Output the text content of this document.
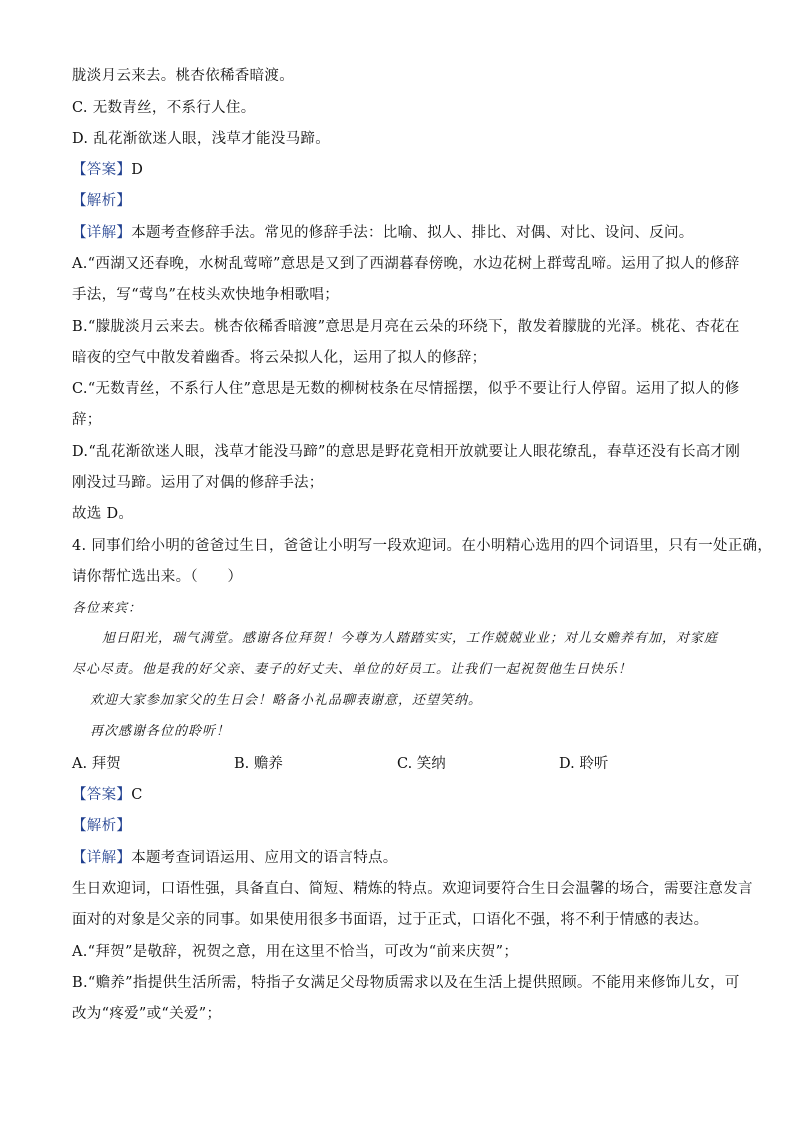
胧淡月云来去。桃杏依稀香暗渡。
C. 无数青丝，不系行人住。
D. 乱花渐欲迷人眼，浅草才能没马蹄。
【答案】D
【解析】
【详解】本题考查修辞手法。常见的修辞手法：比喻、拟人、排比、对偶、对比、设问、反问。
A.“西湖又还春晚，水树乱莺啼”意思是又到了西湖暮春傍晚，水边花树上群莺乱啼。运用了拟人的修辞
手法，写“莺鸟”在枝头欢快地争相歌唱；
B.“朦胧淡月云来去。桃杏依稀香暗渡”意思是月亮在云朵的环绕下，散发着朦胧的光泽。桃花、杏花在
暗夜的空气中散发着幽香。将云朵拟人化，运用了拟人的修辞；
C.“无数青丝，不系行人住”意思是无数的柳树枝条在尽情摇摆，似乎不要让行人停留。运用了拟人的修
辞；
D.“乱花渐欲迷人眼，浅草才能没马蹄”的意思是野花竟相开放就要让人眼花缭乱，春草还没有长高才刚
刚没过马蹄。运用了对偶的修辞手法；
故选 D。
4. 同事们给小明的爸爸过生日，爸爸让小明写一段欢迎词。在小明精心选用的四个词语里，只有一处正确，
请你帮忙选出来。（　　）
各位来宾：
旭日阳光，瑞气满堂。感谢各位拜贺！今尊为人踏踏实实，工作兢兢业业；对儿女赡养有加，对家庭
尽心尽责。他是我的好父亲、妻子的好丈夫、单位的好员工。让我们一起祝贺他生日快乐！
欢迎大家参加家父的生日会！略备小礼品聊表谢意，还望笑纳。
再次感谢各位的聆听！
A. 拜贺	B. 赡养	C. 笑纳	D. 聆听
【答案】C
【解析】
【详解】本题考查词语运用、应用文的语言特点。
生日欢迎词，口语性强，具备直白、简短、精炼的特点。欢迎词要符合生日会温馨的场合，需要注意发言
面对的对象是父亲的同事。如果使用很多书面语，过于正式，口语化不强，将不利于情感的表达。
A.“拜贺”是敬辞，祝贺之意，用在这里不恰当，可改为“前来庆贺”；
B.“赡养”指提供生活所需，特指子女满足父母物质需求以及在生活上提供照顾。不能用来修饰儿女，可
改为“疼爱”或“关爱”；
